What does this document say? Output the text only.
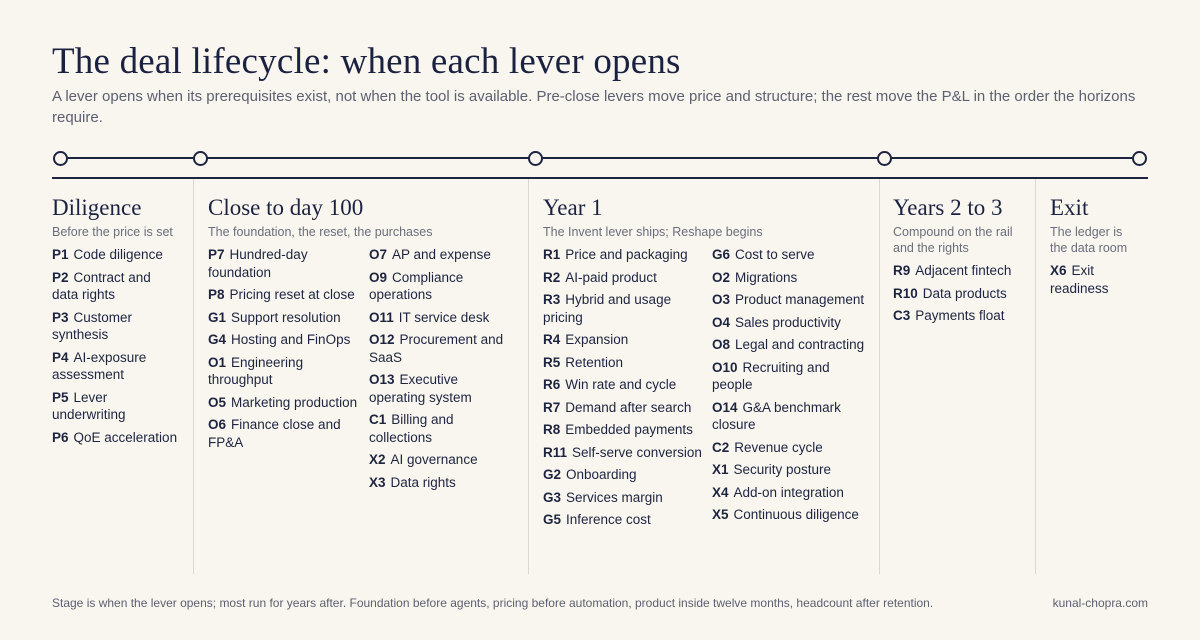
The deal lifecycle: when each lever opens

A lever opens when its prerequisites exist, not when the tool is available. Pre-close levers move price and structure; the rest move the P&L in the order the horizons require.

Diligence
Before the price is set
P1 Code diligence
P2 Contract and data rights
P3 Customer synthesis
P4 AI-exposure assessment
P5 Lever underwriting
P6 QoE acceleration
Close to day 100
The foundation, the reset, the purchases
P7 Hundred-day foundation
P8 Pricing reset at close
G1 Support resolution
G4 Hosting and FinOps
O1 Engineering throughput
O5 Marketing production
O6 Finance close and FP&A
O7 AP and expense
O9 Compliance operations
O11 IT service desk
O12 Procurement and SaaS
O13 Executive operating system
C1 Billing and collections
X2 AI governance
X3 Data rights
Year 1
The Invent lever ships; Reshape begins
R1 Price and packaging
R2 AI-paid product
R3 Hybrid and usage pricing
R4 Expansion
R5 Retention
R6 Win rate and cycle
R7 Demand after search
R8 Embedded payments
R11 Self-serve conversion
G2 Onboarding
G3 Services margin
G5 Inference cost
G6 Cost to serve
O2 Migrations
O3 Product management
O4 Sales productivity
O8 Legal and contracting
O10 Recruiting and people
O14 G&A benchmark closure
C2 Revenue cycle
X1 Security posture
X4 Add-on integration
X5 Continuous diligence
Years 2 to 3
Compound on the rail and the rights
R9 Adjacent fintech
R10 Data products
C3 Payments float
Exit
The ledger is the data room
X6 Exit readiness

Stage is when the lever opens; most run for years after. Foundation before agents, pricing before automation, product inside twelve months, headcount after retention.	kunal-chopra.com
